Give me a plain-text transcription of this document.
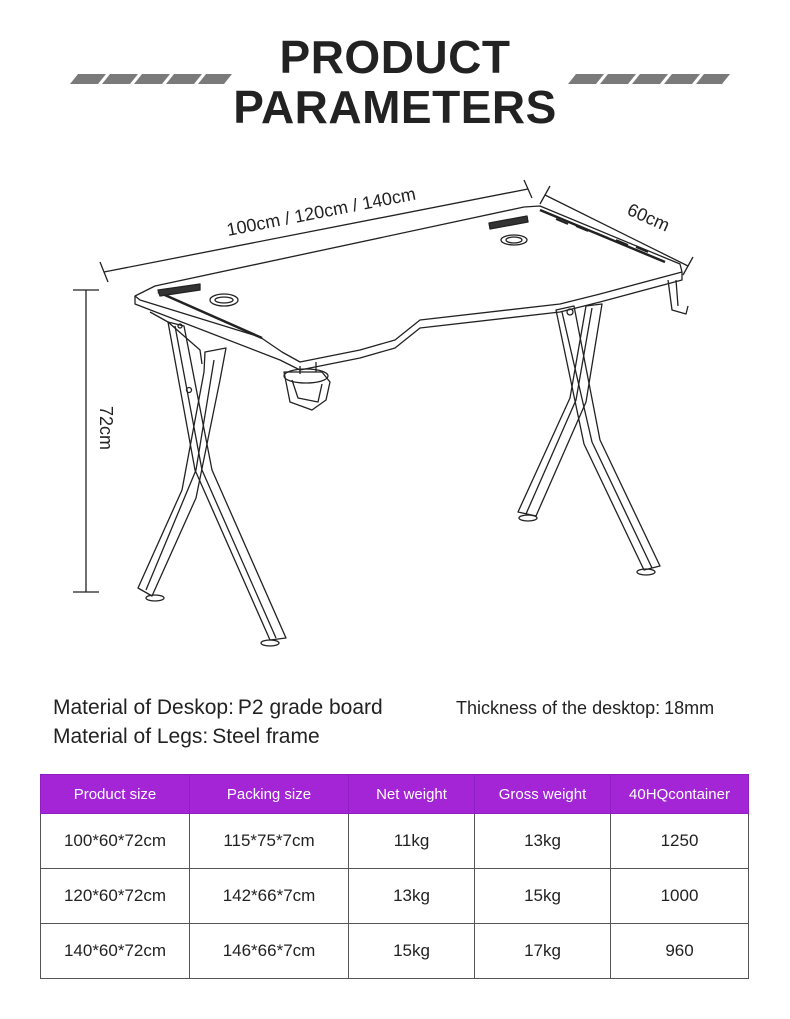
PRODUCT
PARAMETERS
100cm / 120cm / 140cm	60cm
72cm
Material of Deskop: P2 grade board
Material of Legs: Steel frame
Thickness of the desktop: 18mm
Product size	Packing size	Net weight	Gross weight	40HQcontainer
100*60*72cm	115*75*7cm	11kg	13kg	1250
120*60*72cm	142*66*7cm	13kg	15kg	1000
140*60*72cm	146*66*7cm	15kg	17kg	960
